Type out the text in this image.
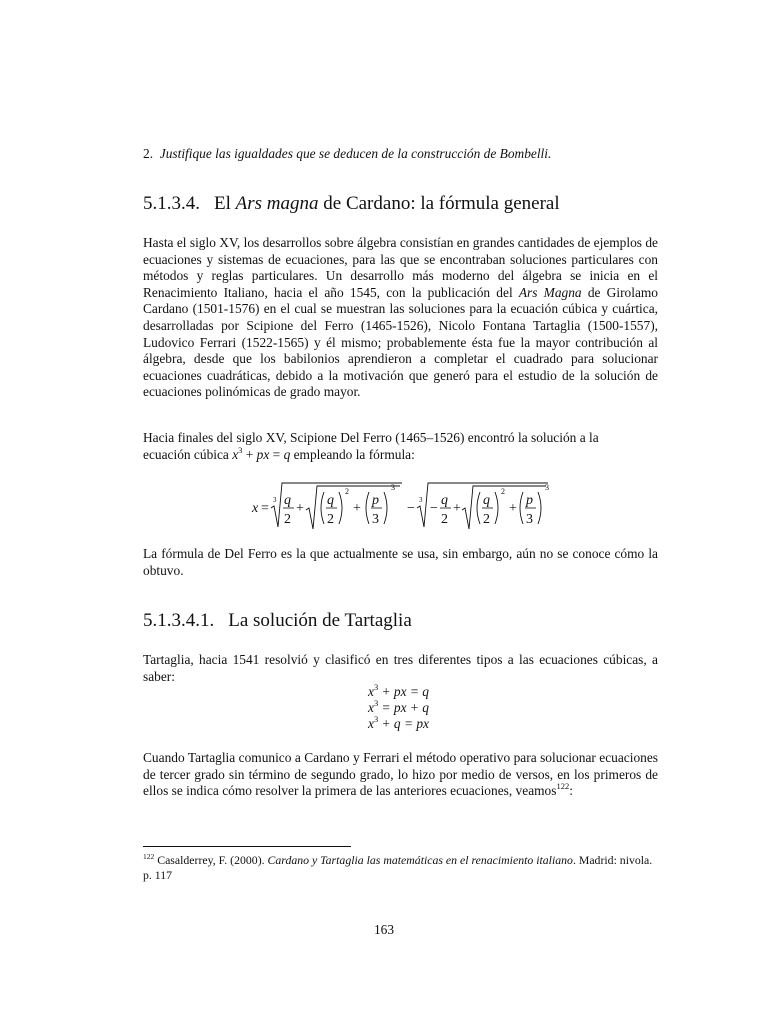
2. Justifique las igualdades que se deducen de la construcción de Bombelli.
5.1.3.4. El Ars magna de Cardano: la fórmula general
Hasta el siglo XV, los desarrollos sobre álgebra consistían en grandes cantidades de ejemplos de ecuaciones y sistemas de ecuaciones, para las que se encontraban soluciones particulares con métodos y reglas particulares. Un desarrollo más moderno del álgebra se inicia en el Renacimiento Italiano, hacia el año 1545, con la publicación del Ars Magna de Girolamo Cardano (1501-1576) en el cual se muestran las soluciones para la ecuación cúbica y cuártica, desarrolladas por Scipione del Ferro (1465-1526), Nicolo Fontana Tartaglia (1500-1557), Ludovico Ferrari (1522-1565) y él mismo; probablemente ésta fue la mayor contribución al álgebra, desde que los babilonios aprendieron a completar el cuadrado para solucionar ecuaciones cuadráticas, debido a la motivación que generó para el estudio de la solución de ecuaciones polinómicas de grado mayor.
Hacia finales del siglo XV, Scipione Del Ferro (1465–1526) encontró la solución a la
ecuación cúbica $x^3$ + px = q empleando la fórmula:
x =
3 q
2
+
q
2
2
+
p
3
3
−
3
−
q
2
+
q
2
2
+
p
3
3
La fórmula de Del Ferro es la que actualmente se usa, sin embargo, aún no se conoce cómo la obtuvo.
5.1.3.4.1. La solución de Tartaglia
Tartaglia, hacia 1541 resolvió y clasificó en tres diferentes tipos a las ecuaciones cúbicas, a saber:
$x^3$ + px = q
$x^3$ = px + q
$x^3 + q$ = px
Cuando Tartaglia comunico a Cardano y Ferrari el método operativo para solucionar ecuaciones de tercer grado sin término de segundo grado, lo hizo por medio de versos, en los primeros de ellos se indica cómo resolver la primera de las anteriores ecuaciones, veamos$^{122}$:
$^{122}$ Casalderrey, F. (2000). Cardano y Tartaglia las matemáticas en el renacimiento italiano. Madrid: nivola. p. 117
163
